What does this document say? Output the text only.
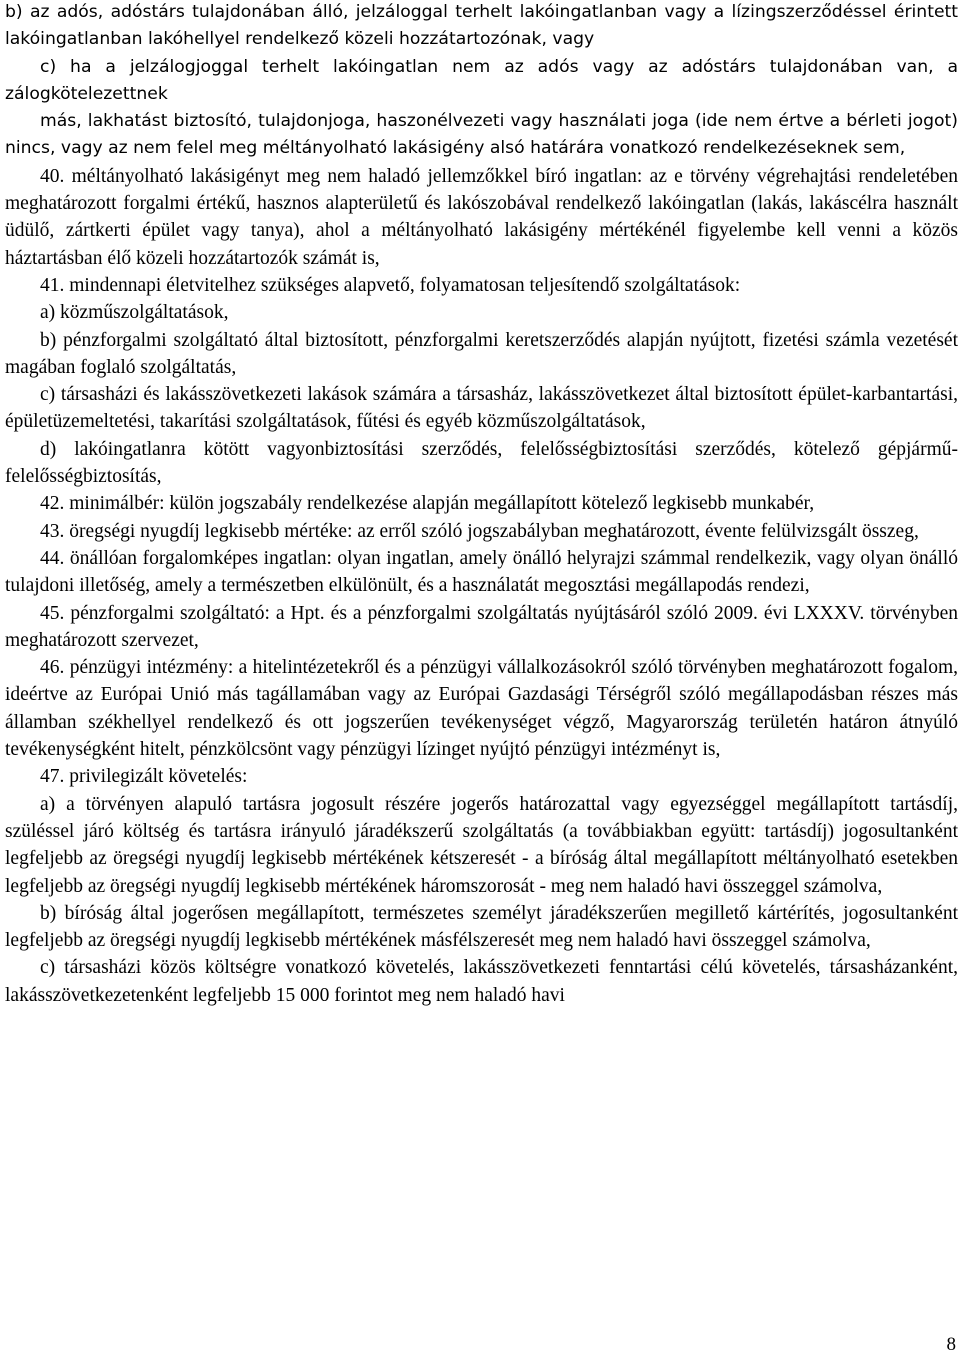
b) az adós, adóstárs tulajdonában álló, jelzáloggal terhelt lakóingatlanban vagy a lízingszerződéssel érintett lakóingatlanban lakóhellyel rendelkező közeli hozzátartozónak, vagy
c) ha a jelzálogjoggal terhelt lakóingatlan nem az adós vagy az adóstárs tulajdonában van, a zálogkötelezettnek
más, lakhatást biztosító, tulajdonjoga, haszonélvezeti vagy használati joga (ide nem értve a bérleti jogot) nincs, vagy az nem felel meg méltányolható lakásigény alsó határára vonatkozó rendelkezéseknek sem,
40. méltányolható lakásigényt meg nem haladó jellemzőkkel bíró ingatlan: az e törvény végrehajtási rendeletében meghatározott forgalmi értékű, hasznos alapterületű és lakószobával rendelkező lakóingatlan (lakás, lakáscélra használt üdülő, zártkerti épület vagy tanya), ahol a méltányolható lakásigény mértékénél figyelembe kell venni a közös háztartásban élő közeli hozzátartozók számát is,
41. mindennapi életvitelhez szükséges alapvető, folyamatosan teljesítendő szolgáltatások:
a) közműszolgáltatások,
b) pénzforgalmi szolgáltató által biztosított, pénzforgalmi keretszerződés alapján nyújtott, fizetési számla vezetését magában foglaló szolgáltatás,
c) társasházi és lakásszövetkezeti lakások számára a társasház, lakásszövetkezet által biztosított épület-karbantartási, épületüzemeltetési, takarítási szolgáltatások, fűtési és egyéb közműszolgáltatások,
d) lakóingatlanra kötött vagyonbiztosítási szerződés, felelősségbiztosítási szerződés, kötelező gépjármű-felelősségbiztosítás,
42. minimálbér: külön jogszabály rendelkezése alapján megállapított kötelező legkisebb munkabér,
43. öregségi nyugdíj legkisebb mértéke: az erről szóló jogszabályban meghatározott, évente felülvizsgált összeg,
44. önállóan forgalomképes ingatlan: olyan ingatlan, amely önálló helyrajzi számmal rendelkezik, vagy olyan önálló tulajdoni illetőség, amely a természetben elkülönült, és a használatát megosztási megállapodás rendezi,
45. pénzforgalmi szolgáltató: a Hpt. és a pénzforgalmi szolgáltatás nyújtásáról szóló 2009. évi LXXXV. törvényben meghatározott szervezet,
46. pénzügyi intézmény: a hitelintézetekről és a pénzügyi vállalkozásokról szóló törvényben meghatározott fogalom, ideértve az Európai Unió más tagállamában vagy az Európai Gazdasági Térségről szóló megállapodásban részes más államban székhellyel rendelkező és ott jogszerűen tevékenységet végző, Magyarország területén határon átnyúló tevékenységként hitelt, pénzkölcsönt vagy pénzügyi lízinget nyújtó pénzügyi intézményt is,
47. privilegizált követelés:
a) a törvényen alapuló tartásra jogosult részére jogerős határozattal vagy egyezséggel megállapított tartásdíj, szüléssel járó költség és tartásra irányuló járadékszerű szolgáltatás (a továbbiakban együtt: tartásdíj) jogosultanként legfeljebb az öregségi nyugdíj legkisebb mértékének kétszeresét - a bíróság által megállapított méltányolható esetekben legfeljebb az öregségi nyugdíj legkisebb mértékének háromszorosát - meg nem haladó havi összeggel számolva,
b) bíróság által jogerősen megállapított, természetes személyt járadékszerűen megillető kártérítés, jogosultanként legfeljebb az öregségi nyugdíj legkisebb mértékének másfélszeresét meg nem haladó havi összeggel számolva,
c) társasházi közös költségre vonatkozó követelés, lakásszövetkezeti fenntartási célú követelés, társasházanként, lakásszövetkezetenként legfeljebb 15 000 forintot meg nem haladó havi
8
